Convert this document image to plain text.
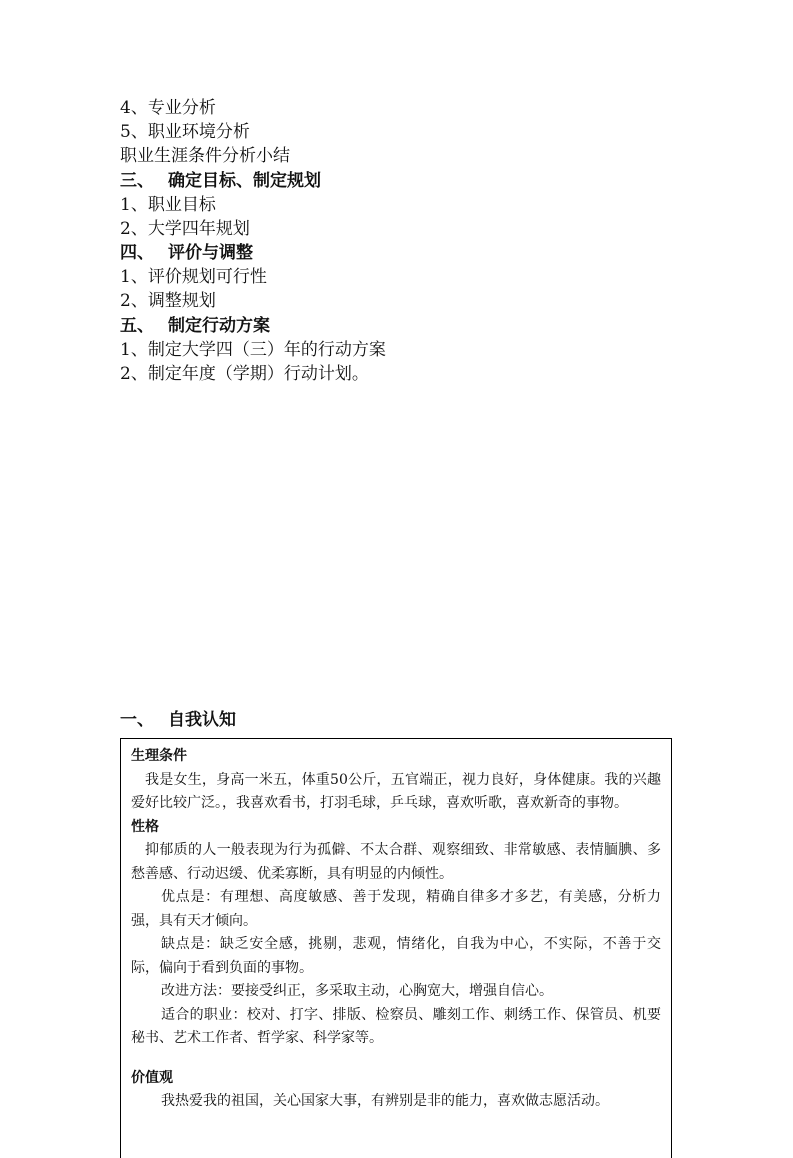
4、专业分析
5、职业环境分析
职业生涯条件分析小结
三、 确定目标、制定规划
1、职业目标
2、大学四年规划
四、 评价与调整
1、评价规划可行性
2、调整规划
五、 制定行动方案
1、制定大学四（三）年的行动方案
2、制定年度（学期）行动计划。
一、 自我认知
生理条件

我是女生，身高一米五，体重50公斤，五官端正，视力良好，身体健康。我的兴趣爱好比较广泛。，我喜欢看书，打羽毛球，乒乓球，喜欢听歌，喜欢新奇的事物。

性格

抑郁质的人一般表现为行为孤僻、不太合群、观察细致、非常敏感、表情腼腆、多愁善感、行动迟缓、优柔寡断，具有明显的内倾性。

优点是：有理想、高度敏感、善于发现，精确自律多才多艺，有美感，分析力强，具有天才倾向。

缺点是：缺乏安全感，挑剔，悲观，情绪化，自我为中心，不实际，不善于交际，偏向于看到负面的事物。

改进方法：要接受纠正，多采取主动，心胸宽大，增强自信心。

适合的职业：校对、打字、排版、检察员、雕刻工作、刺绣工作、保管员、机要秘书、艺术工作者、哲学家、科学家等。

价值观

我热爱我的祖国，关心国家大事，有辨别是非的能力，喜欢做志愿活动。
